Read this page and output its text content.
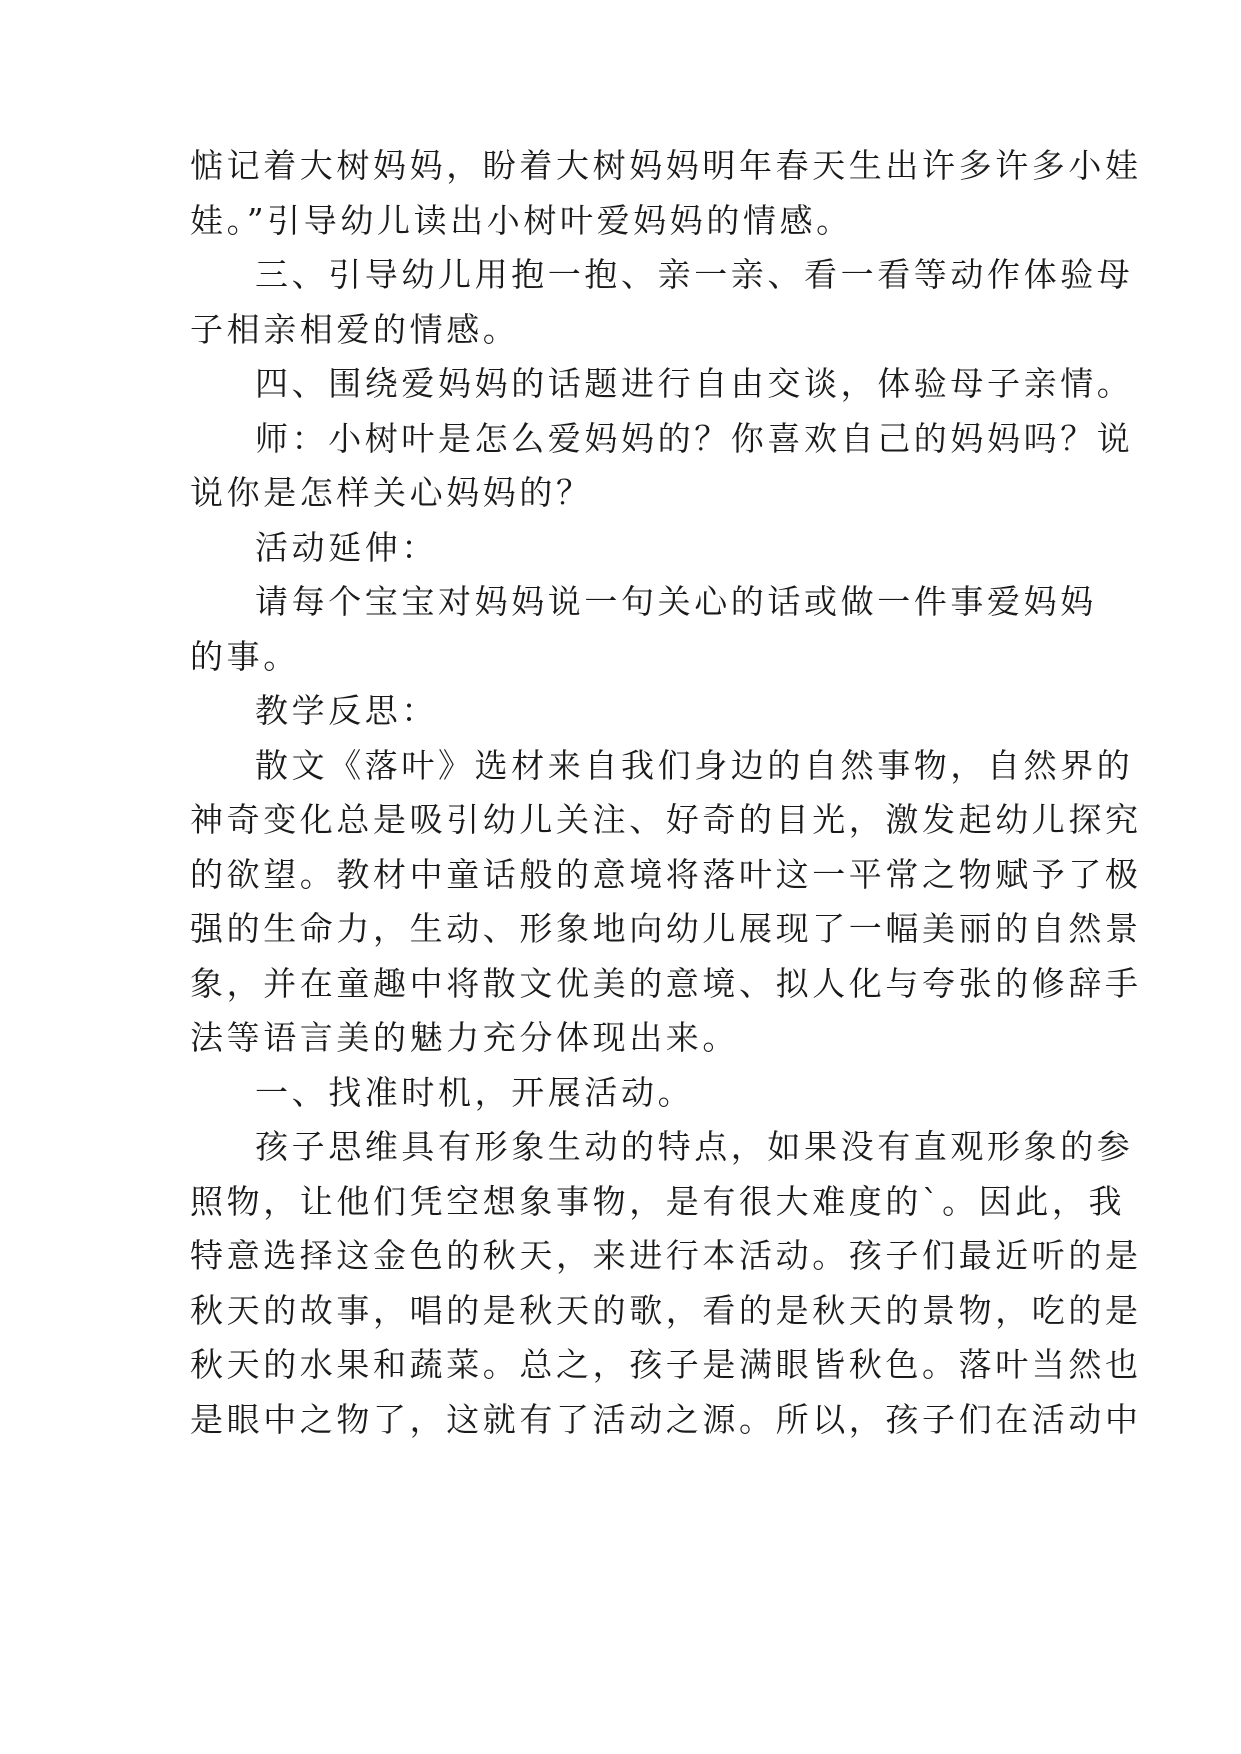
惦记着大树妈妈，盼着大树妈妈明年春天生出许多许多小娃
娃。”引导幼儿读出小树叶爱妈妈的情感。
三、引导幼儿用抱一抱、亲一亲、看一看等动作体验母
子相亲相爱的情感。
四、围绕爱妈妈的话题进行自由交谈，体验母子亲情。
师：小树叶是怎么爱妈妈的？你喜欢自己的妈妈吗？说
说你是怎样关心妈妈的？
活动延伸：
请每个宝宝对妈妈说一句关心的话或做一件事爱妈妈
的事。
教学反思：
散文《落叶》选材来自我们身边的自然事物，自然界的
神奇变化总是吸引幼儿关注、好奇的目光，激发起幼儿探究
的欲望。教材中童话般的意境将落叶这一平常之物赋予了极
强的生命力，生动、形象地向幼儿展现了一幅美丽的自然景
象，并在童趣中将散文优美的意境、拟人化与夸张的修辞手
法等语言美的魅力充分体现出来。
一、找准时机，开展活动。
孩子思维具有形象生动的特点，如果没有直观形象的参
照物，让他们凭空想象事物，是有很大难度的`。因此，我
特意选择这金色的秋天，来进行本活动。孩子们最近听的是
秋天的故事，唱的是秋天的歌，看的是秋天的景物，吃的是
秋天的水果和蔬菜。总之，孩子是满眼皆秋色。落叶当然也
是眼中之物了，这就有了活动之源。所以，孩子们在活动中
